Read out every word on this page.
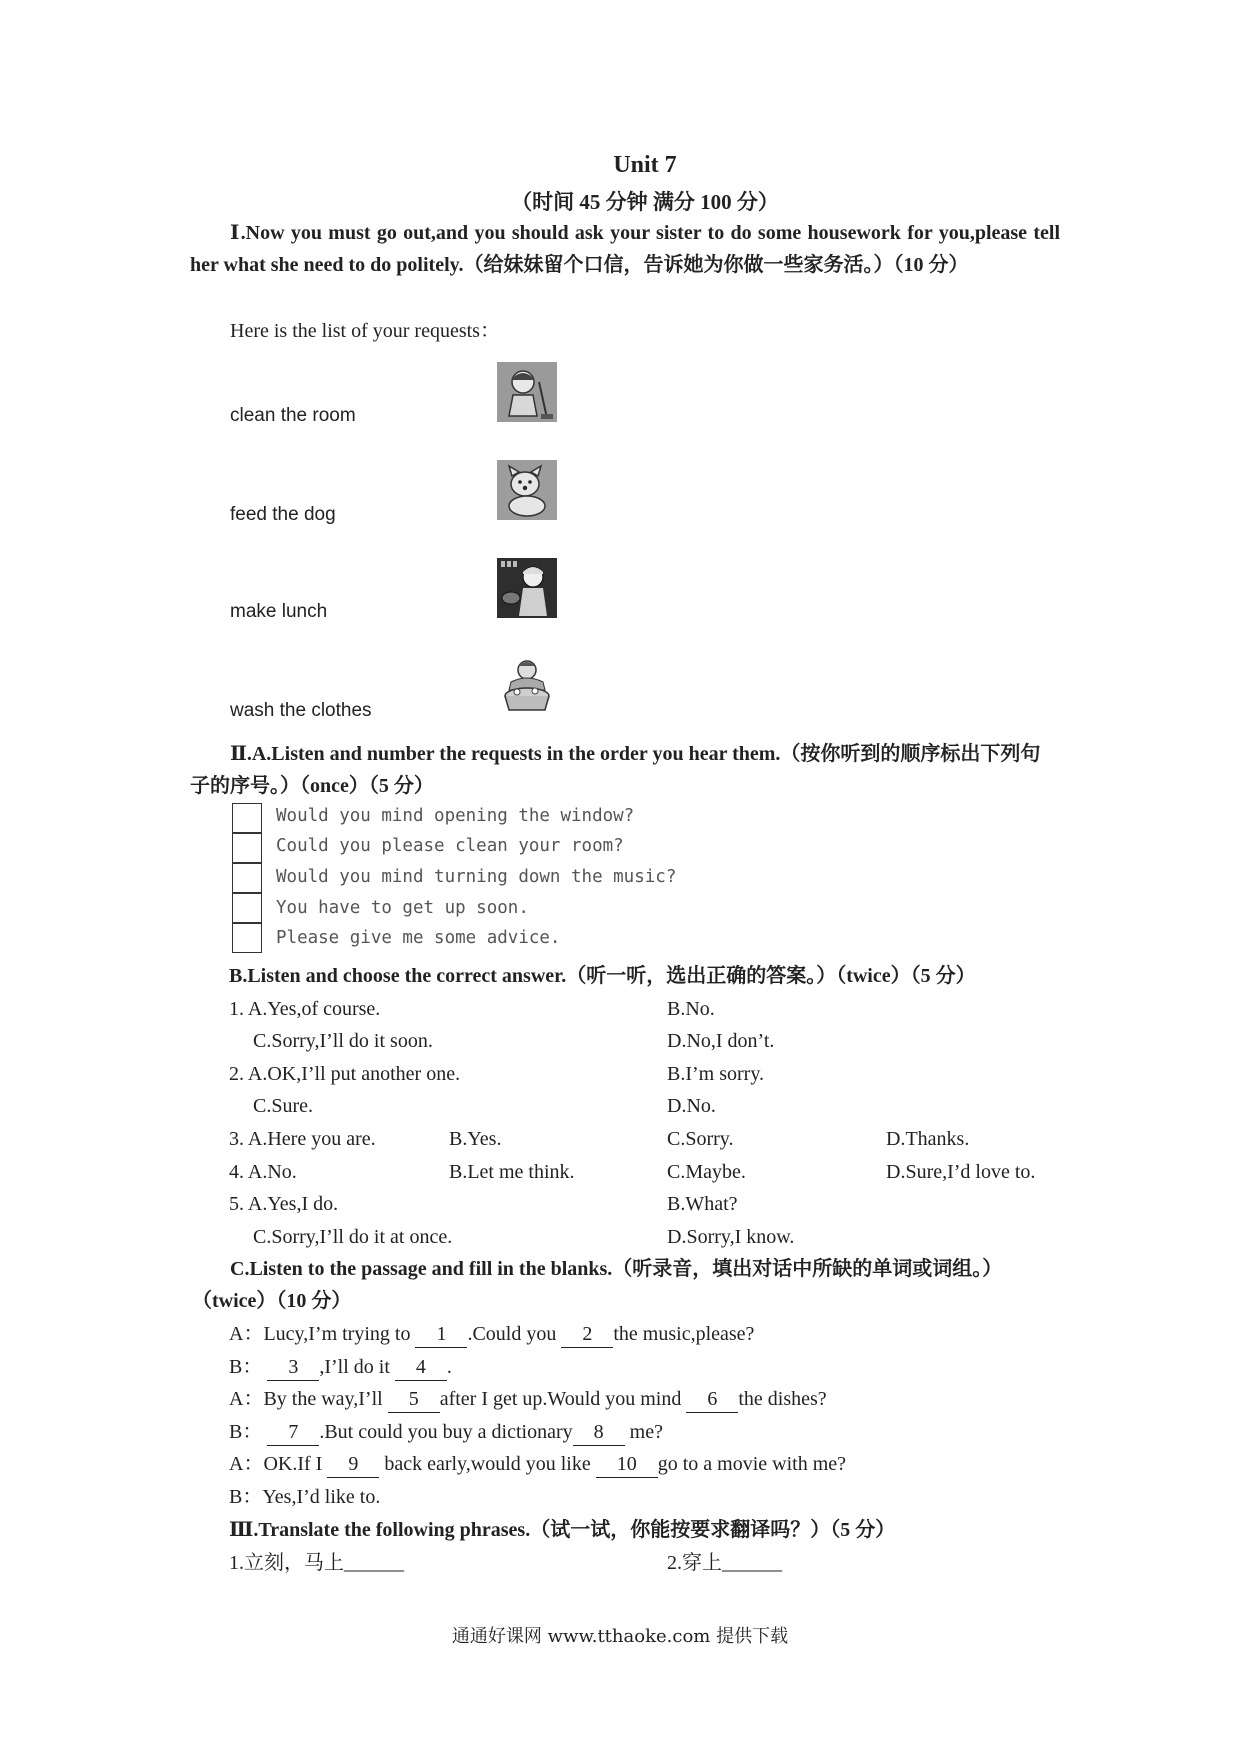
Unit 7
（时间 45 分钟 满分 100 分）
Ⅰ.Now you must go out,and you should ask your sister to do some housework for you,please tell her what she need to do politely.（给妹妹留个口信，告诉她为你做一些家务活。）（10 分）
Here is the list of your requests：
clean the room
feed the dog
make lunch
wash the clothes
Ⅱ.A.Listen and number the requests in the order you hear them.（按你听到的顺序标出下列句子的序号。）（once）（5 分）
Would you mind opening the window?
Could you please clean your room?
Would you mind turning down the music?
You have to get up soon.
Please give me some advice.
B.Listen and choose the correct answer.（听一听，选出正确的答案。）（twice）（5 分）
1. A.Yes,of course.	B.No.
C.Sorry,I’ll do it soon.	D.No,I don’t.
2. A.OK,I’ll put another one.	B.I’m sorry.
C.Sure.	D.No.
3. A.Here you are.	B.Yes.	C.Sorry.	D.Thanks.
4. A.No.	B.Let me think.	C.Maybe.	D.Sure,I’d love to.
5. A.Yes,I do.	B.What?
C.Sorry,I’ll do it at once.	D.Sorry,I know.
C.Listen to the passage and fill in the blanks.（听录音，填出对话中所缺的单词或词组。）（twice）（10 分）
A：Lucy,I’m trying to 1 .Could you 2 the music,please?
B： 3 ,I’ll do it 4 .
A：By the way,I’ll 5 after I get up.Would you mind 6 the dishes?
B： 7 .But could you buy a dictionary 8 me?
A：OK.If I 9 back early,would you like 10 go to a movie with me?
B：Yes,I’d like to.
Ⅲ.Translate the following phrases.（试一试，你能按要求翻译吗？）（5 分）
1.立刻，马上______	2.穿上______
通通好课网 www.tthaoke.com 提供下载
